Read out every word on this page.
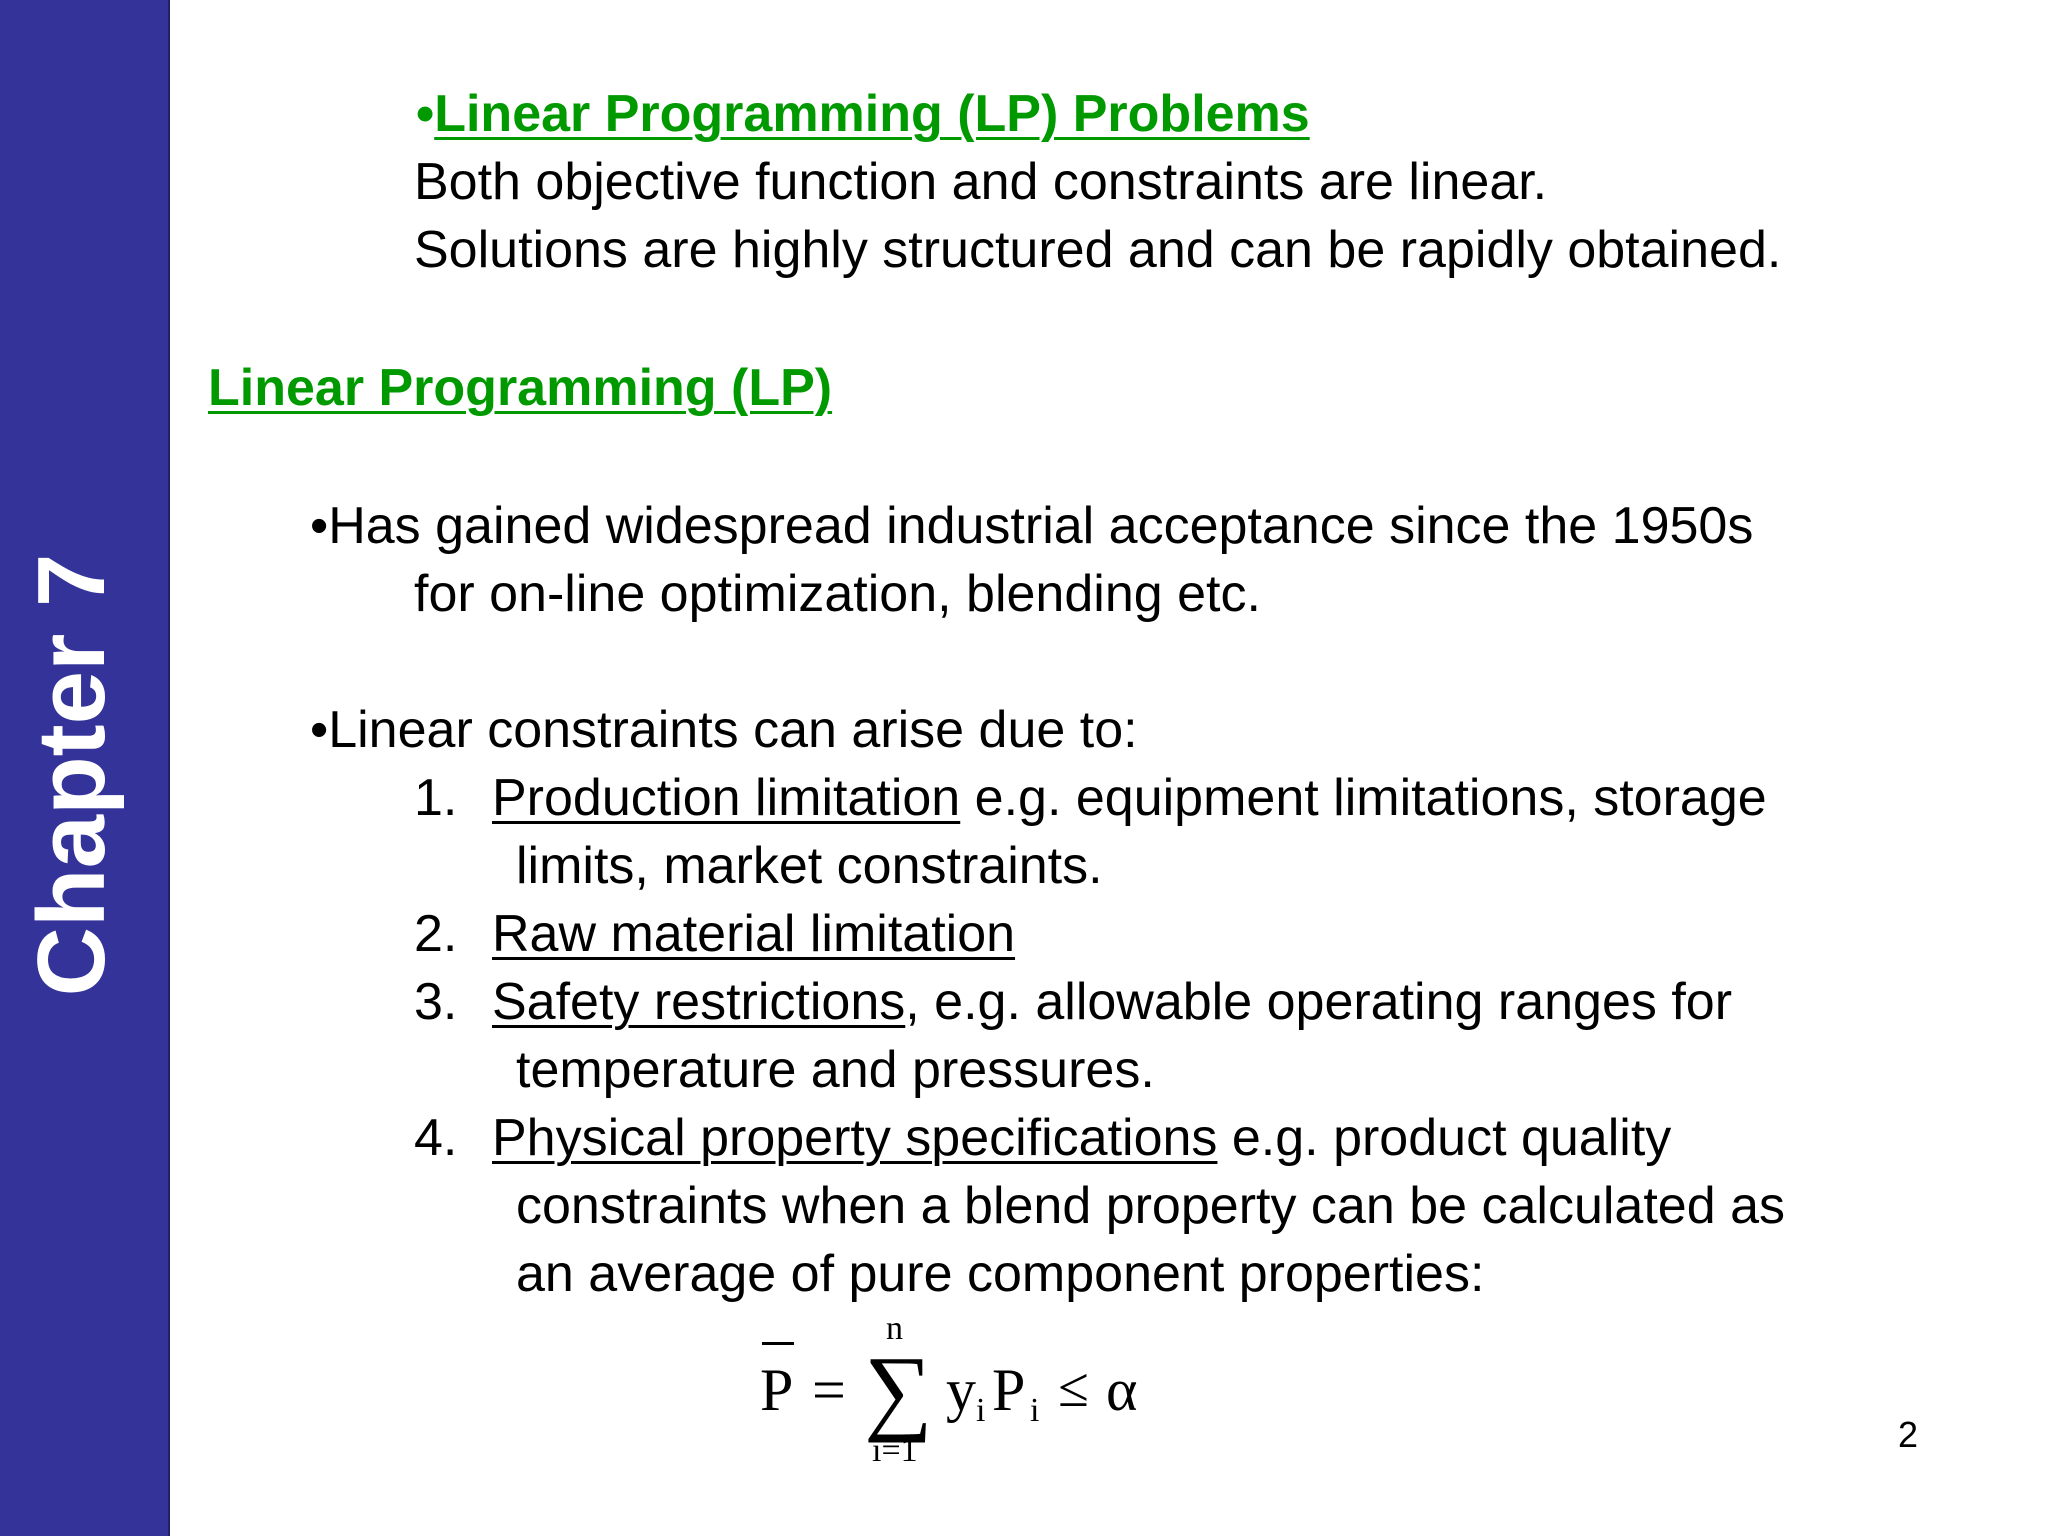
Chapter 7
•Linear Programming (LP) Problems
Both objective function and constraints are linear.
Solutions are highly structured and can be rapidly obtained.
Linear Programming (LP)
•Has gained widespread industrial acceptance since the 1950s
for on-line optimization, blending etc.
•Linear constraints can arise due to:
1. Production limitation e.g. equipment limitations, storage
limits, market constraints.
2. Raw material limitation
3. Safety restrictions, e.g. allowable operating ranges for
temperature and pressures.
4. Physical property specifications e.g. product quality
constraints when a blend property can be calculated as
an average of pure component properties:
P =
n
∑
i=1
y i P i ≤ α
2
